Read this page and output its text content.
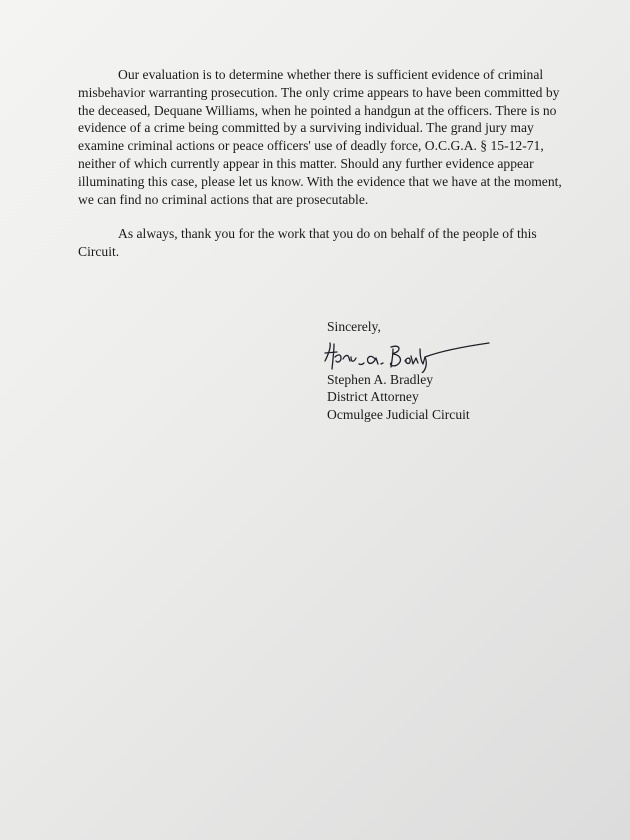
Our evaluation is to determine whether there is sufficient evidence of criminal
misbehavior warranting prosecution. The only crime appears to have been committed by
the deceased, Dequane Williams, when he pointed a handgun at the officers. There is no
evidence of a crime being committed by a surviving individual. The grand jury may
examine criminal actions or peace officers' use of deadly force, O.C.G.A. § 15-12-71,
neither of which currently appear in this matter. Should any further evidence appear
illuminating this case, please let us know. With the evidence that we have at the moment,
we can find no criminal actions that are prosecutable.

As always, thank you for the work that you do on behalf of the people of this
Circuit.

Sincerely,
Stephen A. Bradley
District Attorney
Ocmulgee Judicial Circuit
